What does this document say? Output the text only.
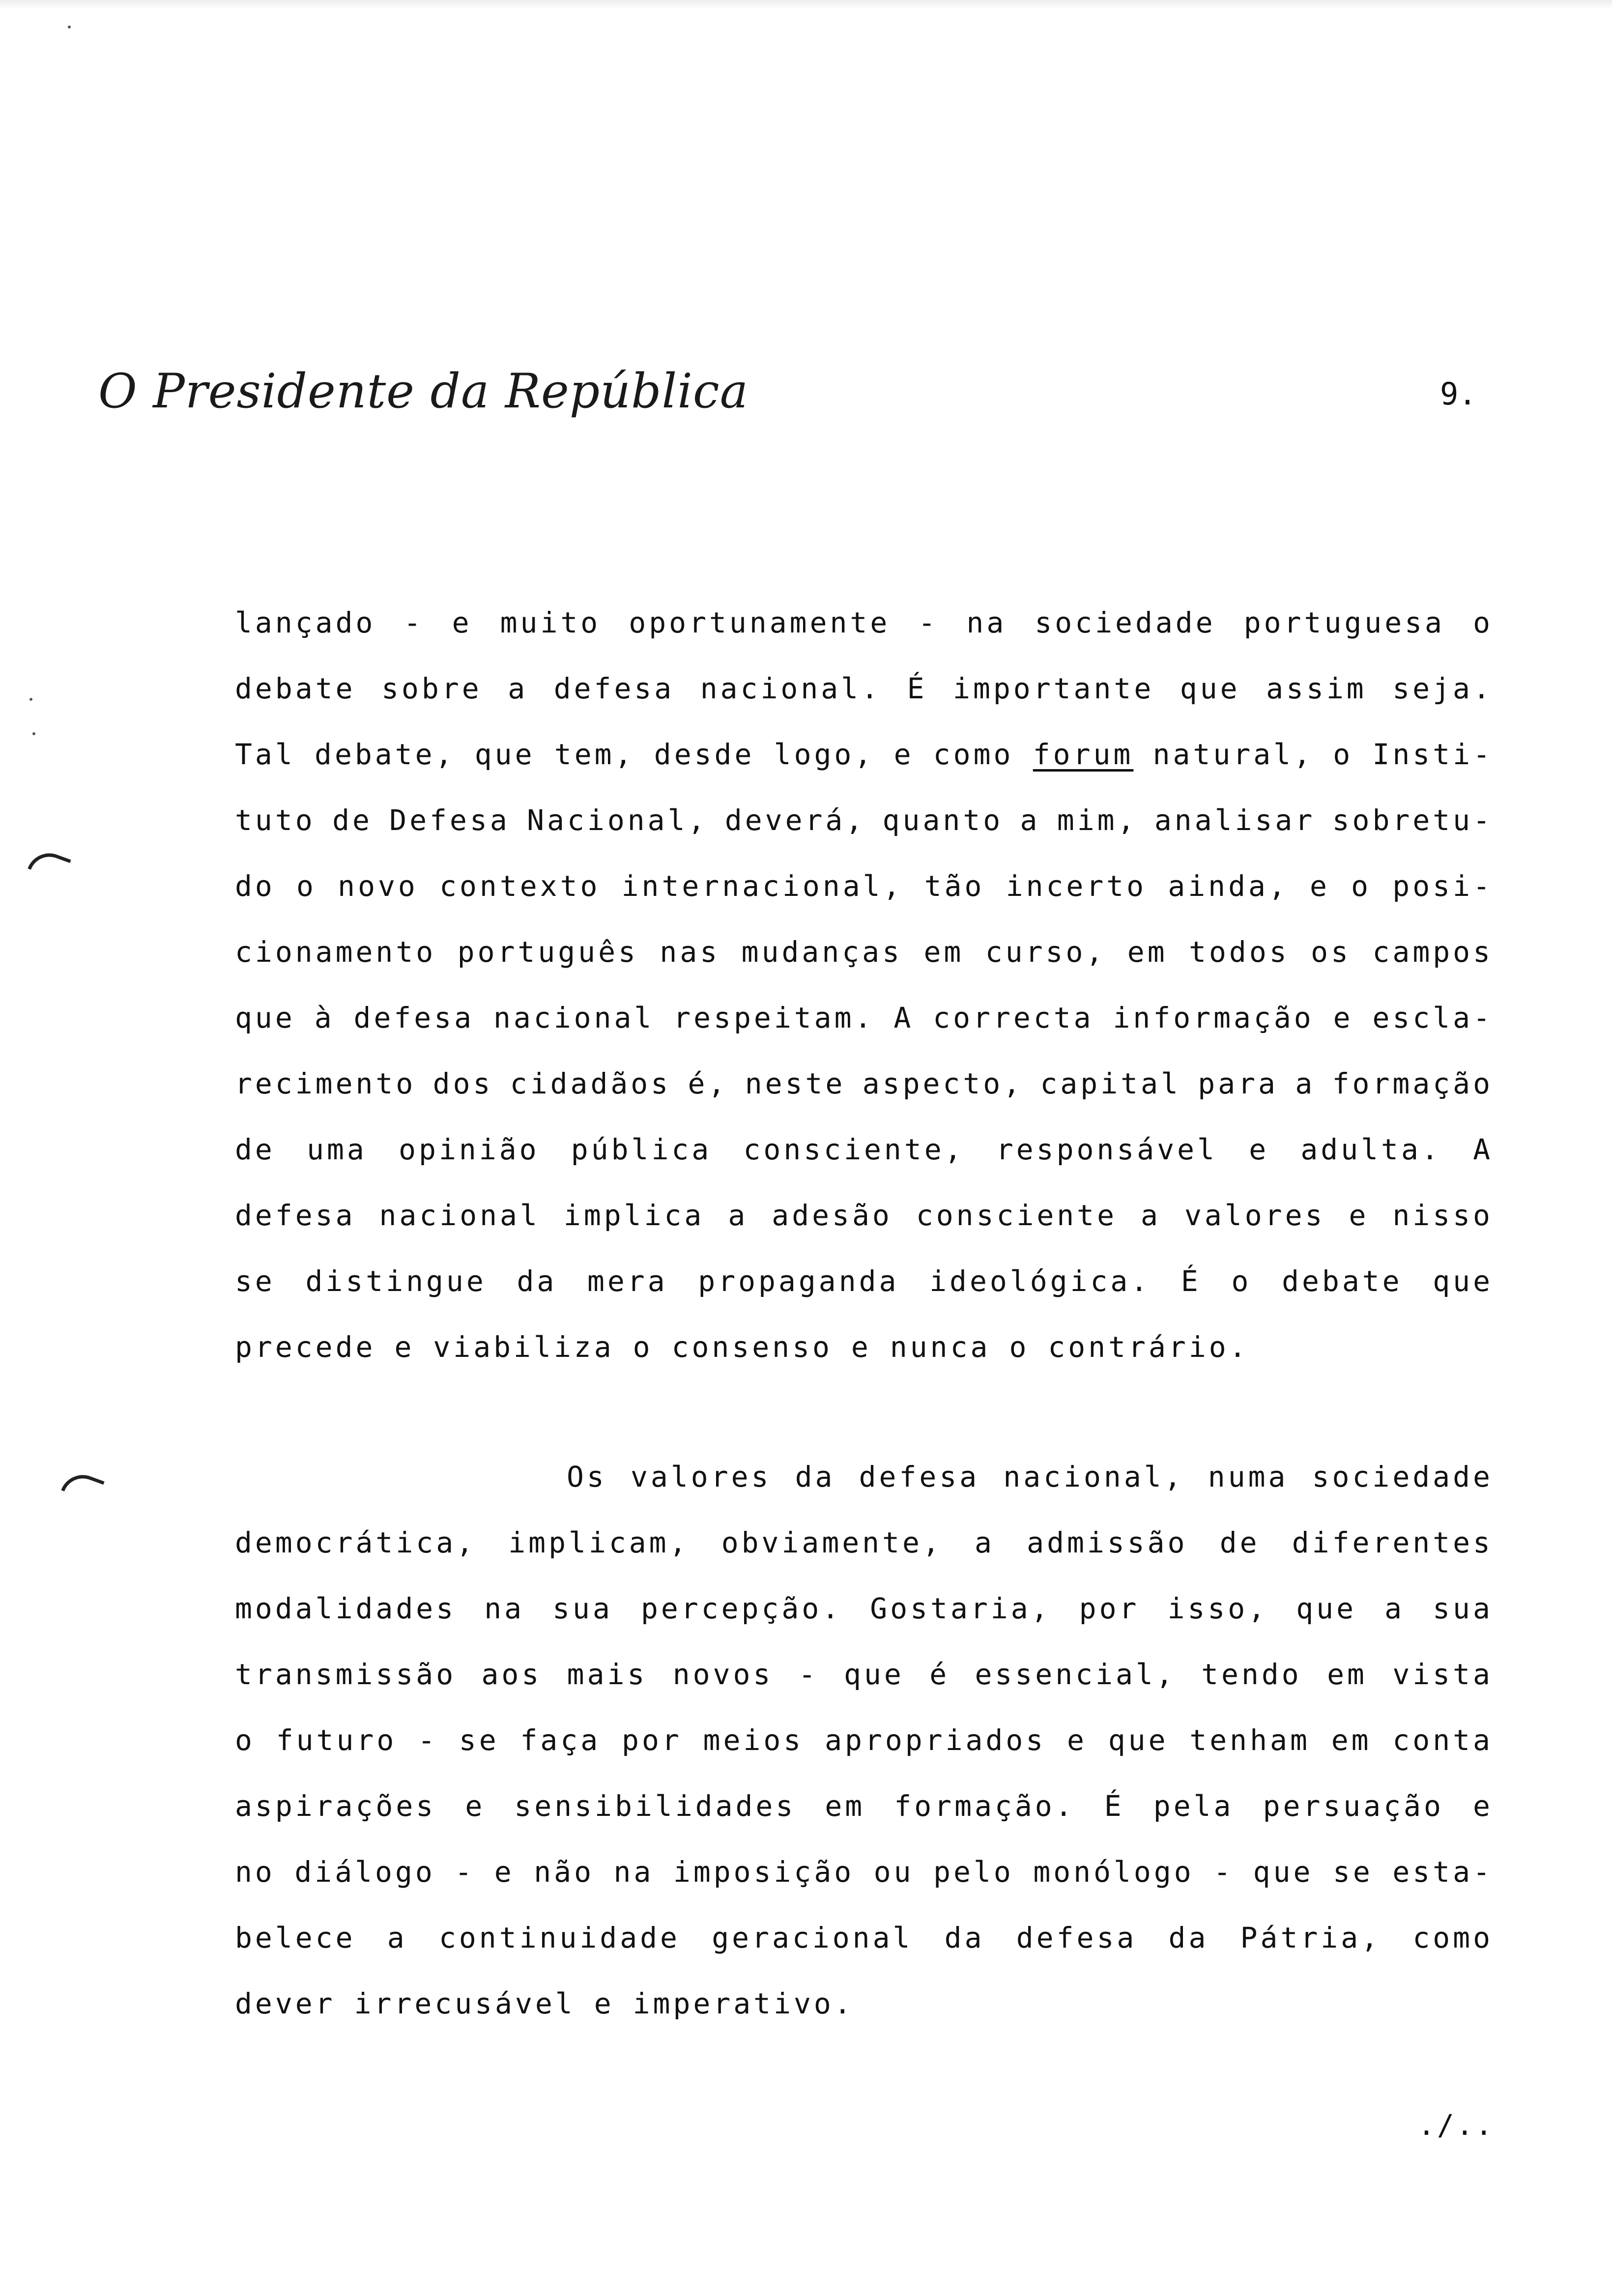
O Presidente da República	9.
lançado - e muito oportunamente - na sociedade portuguesa o
debate sobre a defesa nacional. É importante que assim seja.
Tal debate, que tem, desde logo, e como forum natural, o Insti-
tuto de Defesa Nacional, deverá, quanto a mim, analisar sobretu-
do o novo contexto internacional, tão incerto ainda, e o posi-
cionamento português nas mudanças em curso, em todos os campos
que à defesa nacional respeitam. A correcta informação e escla-
recimento dos cidadãos é, neste aspecto, capital para a formação
de uma opinião pública consciente, responsável e adulta. A
defesa nacional implica a adesão consciente a valores e nisso
se distingue da mera propaganda ideológica. É o debate que
precede e viabiliza o consenso e nunca o contrário.
Os valores da defesa nacional, numa sociedade
democrática, implicam, obviamente, a admissão de diferentes
modalidades na sua percepção. Gostaria, por isso, que a sua
transmissão aos mais novos - que é essencial, tendo em vista
o futuro - se faça por meios apropriados e que tenham em conta
aspirações e sensibilidades em formação. É pela persuação e
no diálogo - e não na imposição ou pelo monólogo - que se esta-
belece a continuidade geracional da defesa da Pátria, como
dever irrecusável e imperativo.
./..
